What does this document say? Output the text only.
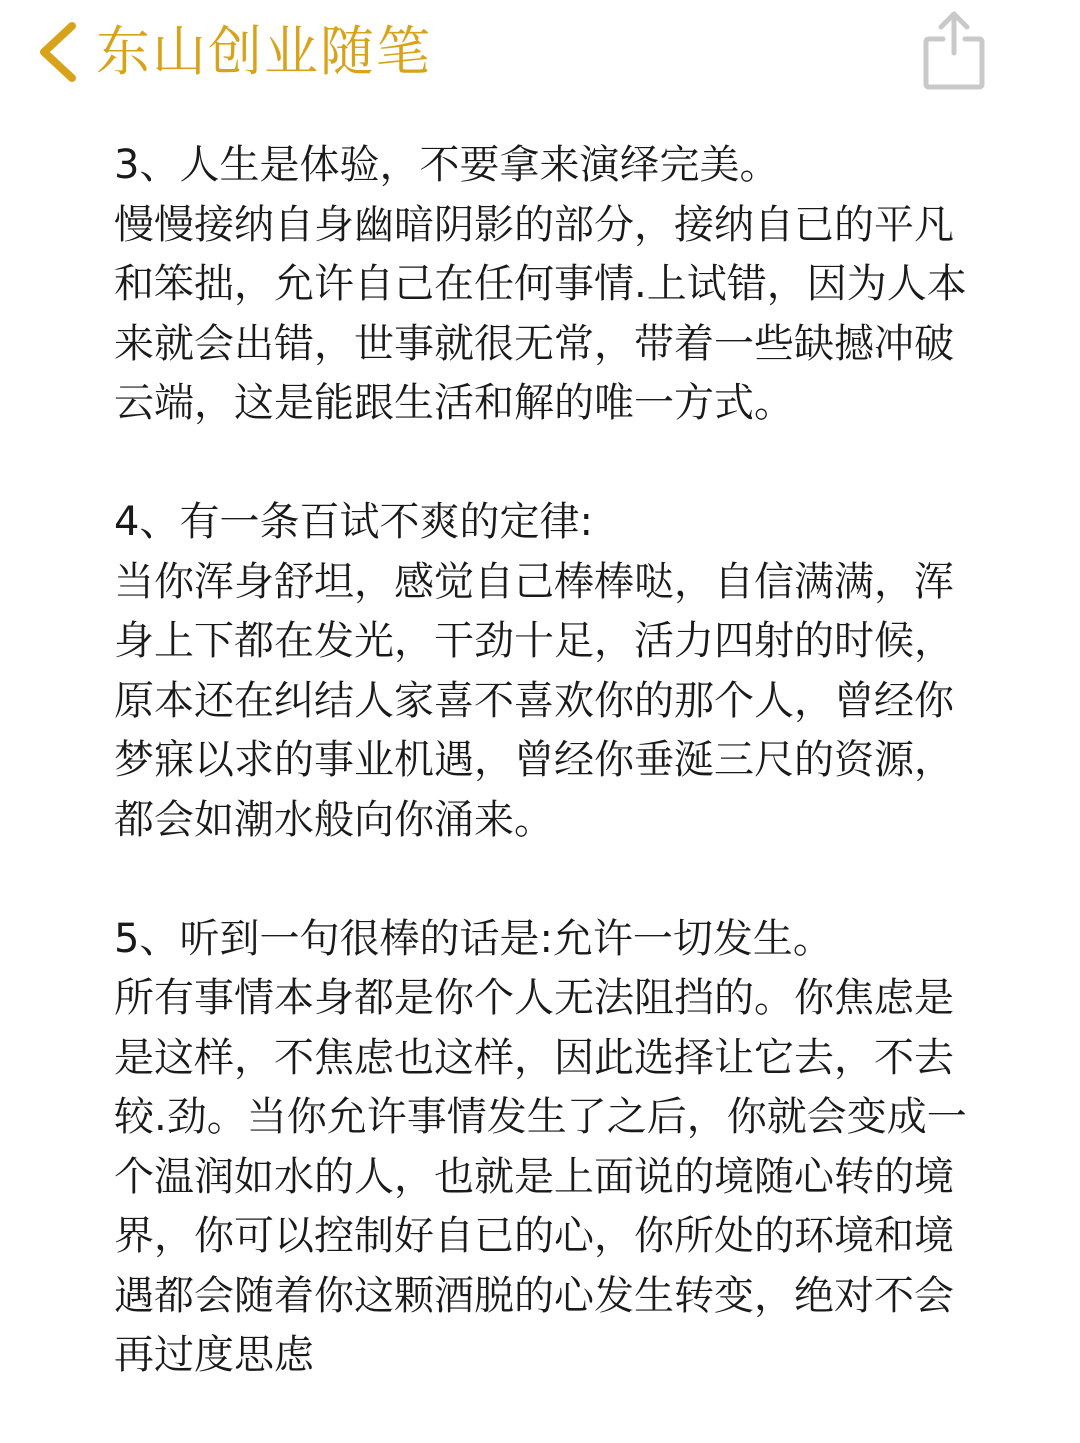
东山创业随笔

3、人生是体验，不要拿来演绎完美。

慢慢接纳自身幽暗阴影的部分，接纳自已的平凡和笨拙，允许自己在任何事情.上试错，因为人本来就会出错，世事就很无常，带着一些缺撼冲破云端，这是能跟生活和解的唯一方式。

4、有一条百试不爽的定律:

当你浑身舒坦，感觉自己棒棒哒，自信满满，浑身上下都在发光，干劲十足，活力四射的时候，原本还在纠结人家喜不喜欢你的那个人，曾经你梦寐以求的事业机遇，曾经你垂涎三尺的资源，都会如潮水般向你涌来。

5、听到一句很棒的话是:允许一切发生。

所有事情本身都是你个人无法阻挡的。你焦虑是是这样，不焦虑也这样，因此选择让它去，不去较.劲。当你允许事情发生了之后，你就会变成一个温润如水的人，也就是上面说的境随心转的境界，你可以控制好自已的心，你所处的环境和境遇都会随着你这颗酒脱的心发生转变，绝对不会再过度思虑
